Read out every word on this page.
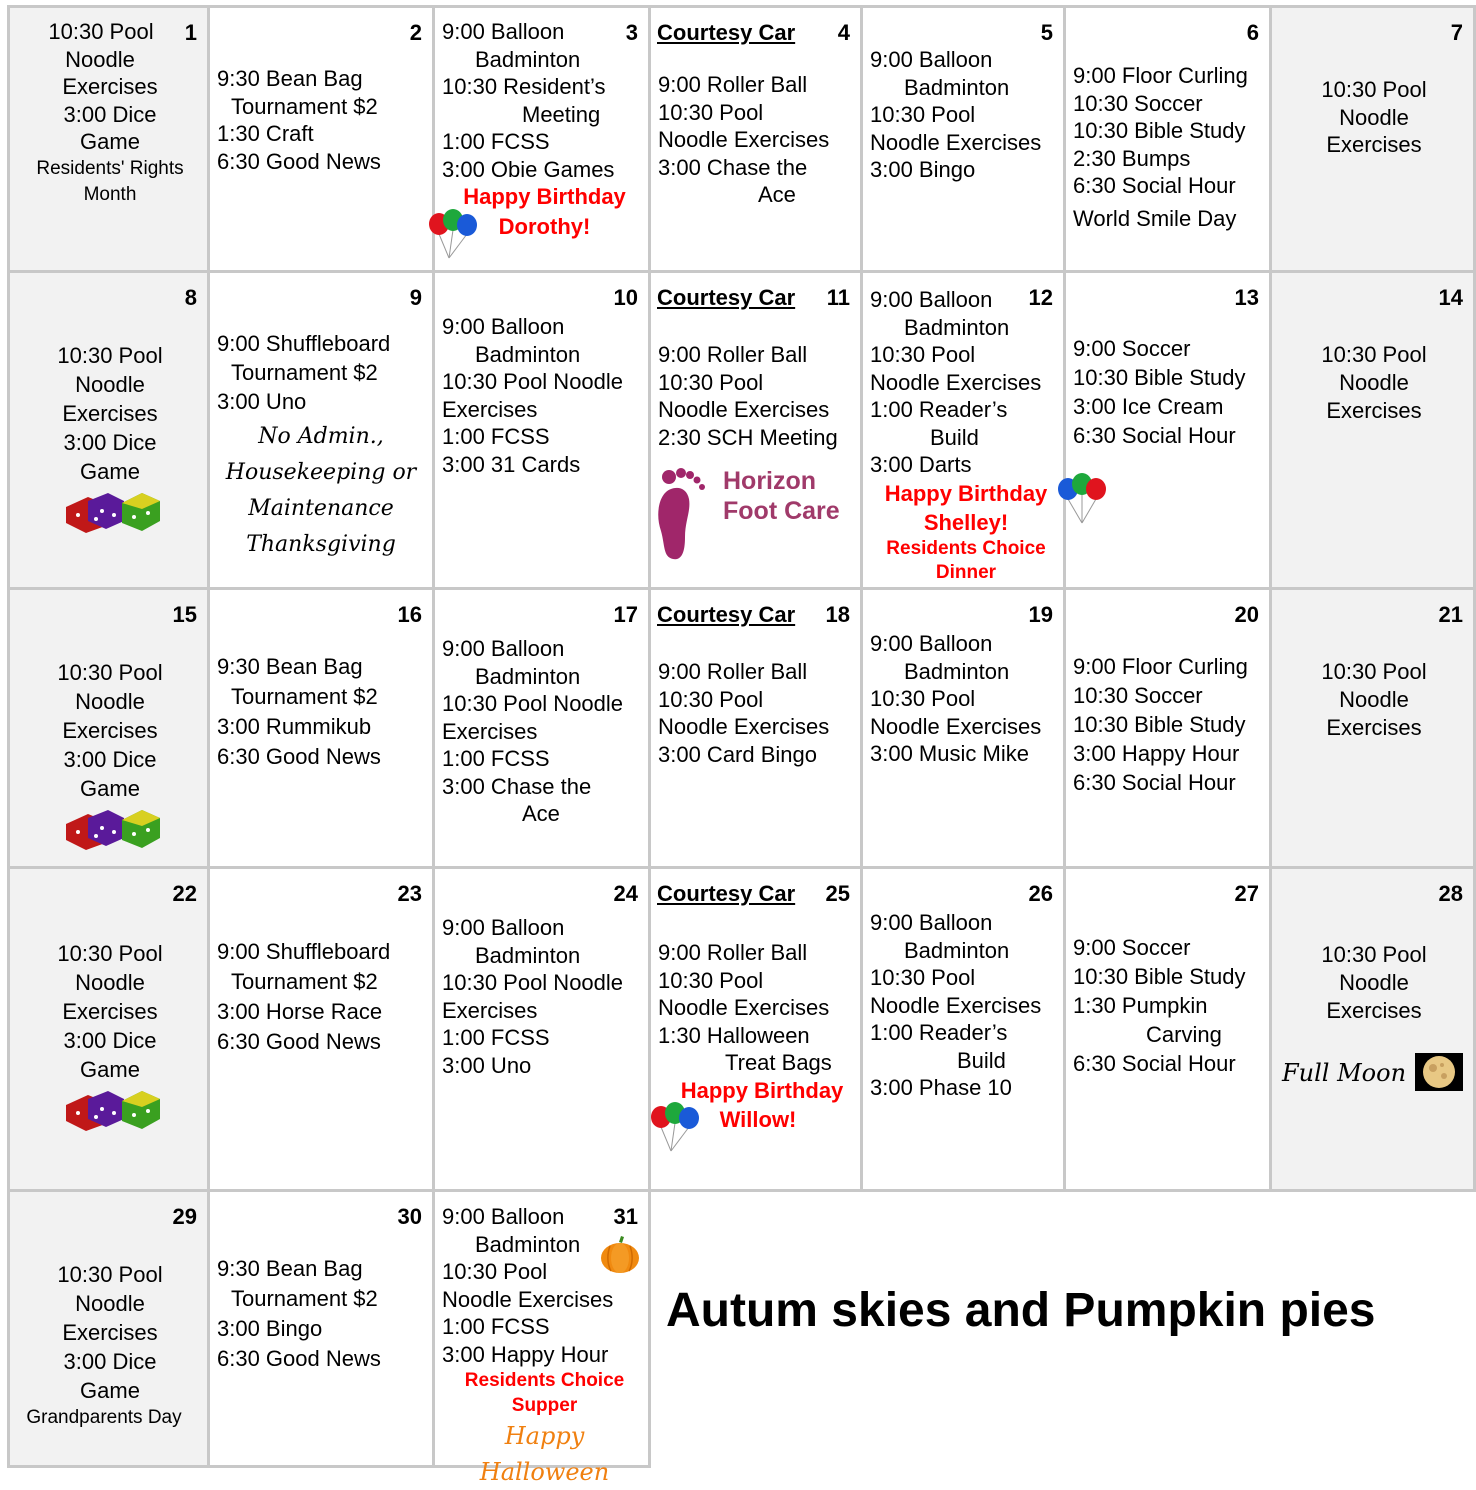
1
10:30 Pool
Noodle
Exercises
3:00 Dice
Game
Residents' Rights
Month
2
9:30 Bean Bag
Tournament $2
1:30 Craft
6:30 Good News
3
9:00 Balloon
Badminton
10:30 Resident’s
Meeting
1:00 FCSS
3:00 Obie Games
Happy Birthday
Dorothy!
Courtesy Car 4
9:00 Roller Ball
10:30 Pool
Noodle Exercises
3:00 Chase the
Ace
5
9:00 Balloon
Badminton
10:30 Pool
Noodle Exercises
3:00 Bingo
6
9:00 Floor Curling
10:30 Soccer
10:30 Bible Study
2:30 Bumps
6:30 Social Hour
World Smile Day
7
10:30 Pool
Noodle
Exercises
8
10:30 Pool
Noodle
Exercises
3:00 Dice
Game
9
9:00 Shuffleboard
Tournament $2
3:00 Uno
No Admin.,
Housekeeping or
Maintenance
Thanksgiving
10
9:00 Balloon
Badminton
10:30 Pool Noodle
Exercises
1:00 FCSS
3:00 31 Cards
Courtesy Car 11
9:00 Roller Ball
10:30 Pool
Noodle Exercises
2:30 SCH Meeting
Horizon
Foot Care
12
9:00 Balloon
Badminton
10:30 Pool
Noodle Exercises
1:00 Reader’s
Build
3:00 Darts
Happy Birthday
Shelley!
Residents Choice
Dinner
13
9:00 Soccer
10:30 Bible Study
3:00 Ice Cream
6:30 Social Hour
14
10:30 Pool
Noodle
Exercises
15
10:30 Pool
Noodle
Exercises
3:00 Dice
Game
16
9:30 Bean Bag
Tournament $2
3:00 Rummikub
6:30 Good News
17
9:00 Balloon
Badminton
10:30 Pool Noodle
Exercises
1:00 FCSS
3:00 Chase the
Ace
Courtesy Car 18
9:00 Roller Ball
10:30 Pool
Noodle Exercises
3:00 Card Bingo
19
9:00 Balloon
Badminton
10:30 Pool
Noodle Exercises
3:00 Music Mike
20
9:00 Floor Curling
10:30 Soccer
10:30 Bible Study
3:00 Happy Hour
6:30 Social Hour
21
10:30 Pool
Noodle
Exercises
22
10:30 Pool
Noodle
Exercises
3:00 Dice
Game
23
9:00 Shuffleboard
Tournament $2
3:00 Horse Race
6:30 Good News
24
9:00 Balloon
Badminton
10:30 Pool Noodle
Exercises
1:00 FCSS
3:00 Uno
Courtesy Car 25
9:00 Roller Ball
10:30 Pool
Noodle Exercises
1:30 Halloween
Treat Bags
Happy Birthday
Willow!
26
9:00 Balloon
Badminton
10:30 Pool
Noodle Exercises
1:00 Reader’s
Build
3:00 Phase 10
27
9:00 Soccer
10:30 Bible Study
1:30 Pumpkin
Carving
6:30 Social Hour
28
10:30 Pool
Noodle
Exercises
Full Moon
29
10:30 Pool
Noodle
Exercises
3:00 Dice
Game
Grandparents Day
30
9:30 Bean Bag
Tournament $2
3:00 Bingo
6:30 Good News
31
9:00 Balloon
Badminton
10:30 Pool
Noodle Exercises
1:00 FCSS
3:00 Happy Hour
Residents Choice
Supper
Happy Halloween
Autum skies and Pumpkin pies
